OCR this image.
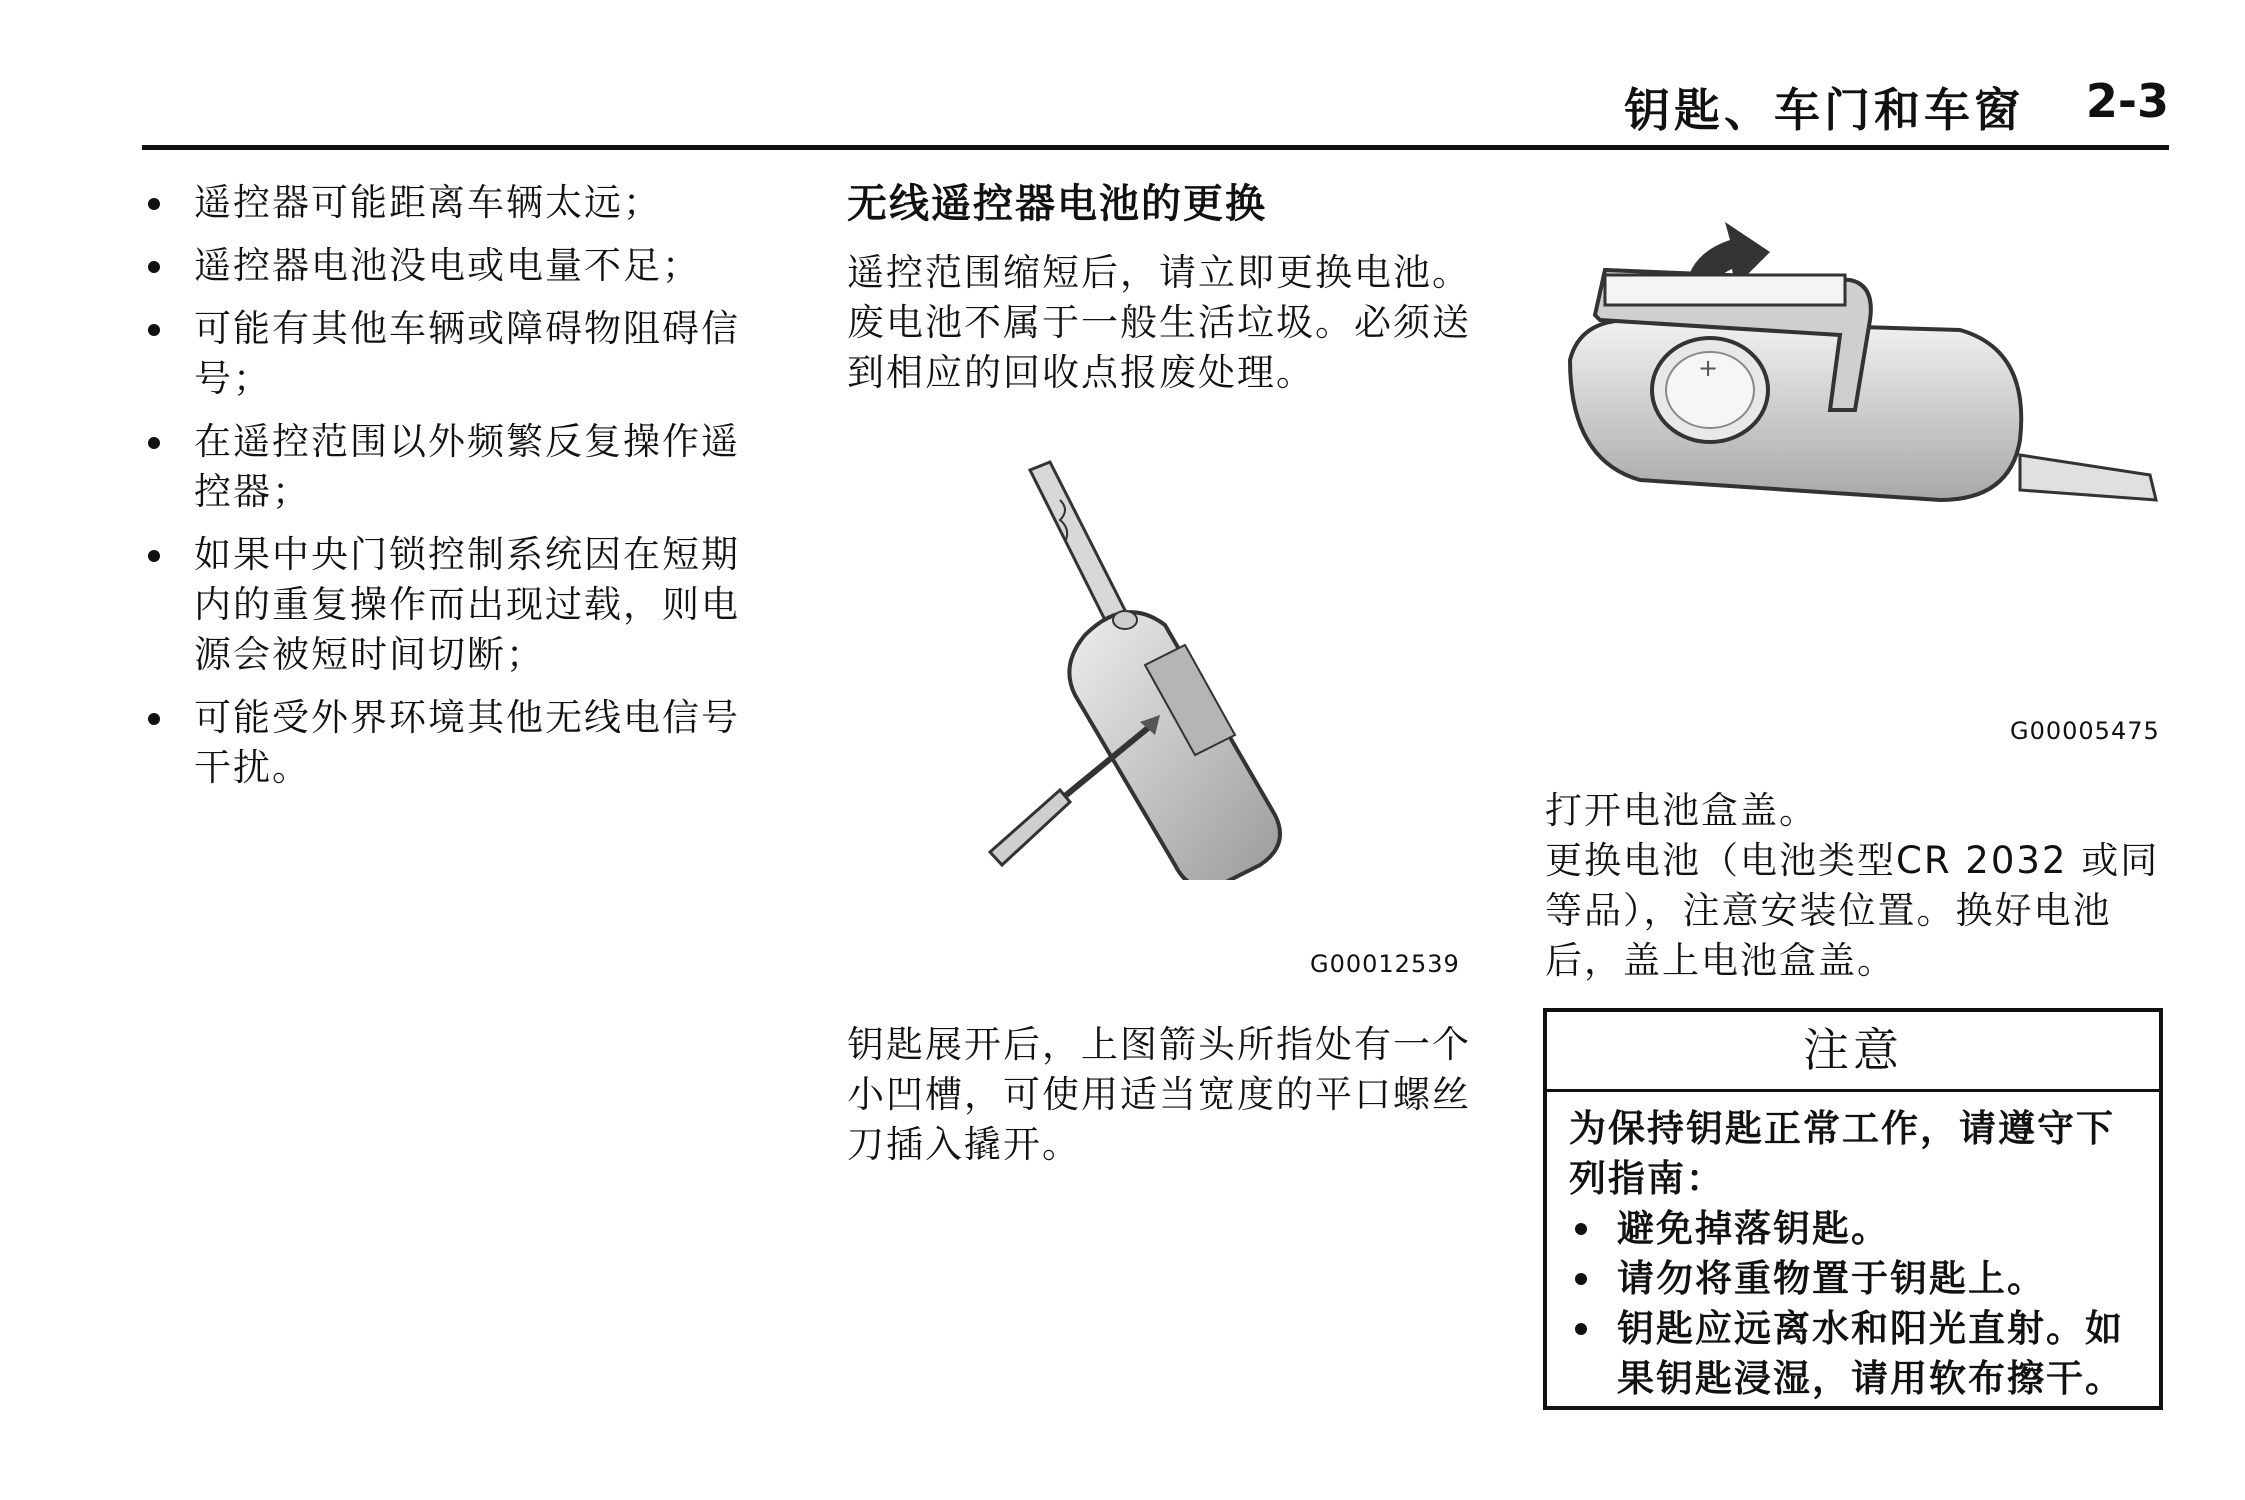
钥匙、车门和车窗 2-3
遥控器可能距离车辆太远；
遥控器电池没电或电量不足；
可能有其他车辆或障碍物阻碍信号；
在遥控范围以外频繁反复操作遥控器；
如果中央门锁控制系统因在短期内的重复操作而出现过载，则电源会被短时间切断；
可能受外界环境其他无线电信号干扰。
无线遥控器电池的更换

遥控范围缩短后，请立即更换电池。废电池不属于一般生活垃圾。必须送到相应的回收点报废处理。

G00012539

钥匙展开后，上图箭头所指处有一个小凹槽，可使用适当宽度的平口螺丝刀插入撬开。

+
G00005475

打开电池盒盖。

更换电池（电池类型CR 2032 或同等品），注意安装位置。换好电池后，盖上电池盒盖。

注意

为保持钥匙正常工作，请遵守下列指南：

避免掉落钥匙。
请勿将重物置于钥匙上。
钥匙应远离水和阳光直射。如果钥匙浸湿，请用软布擦干。
